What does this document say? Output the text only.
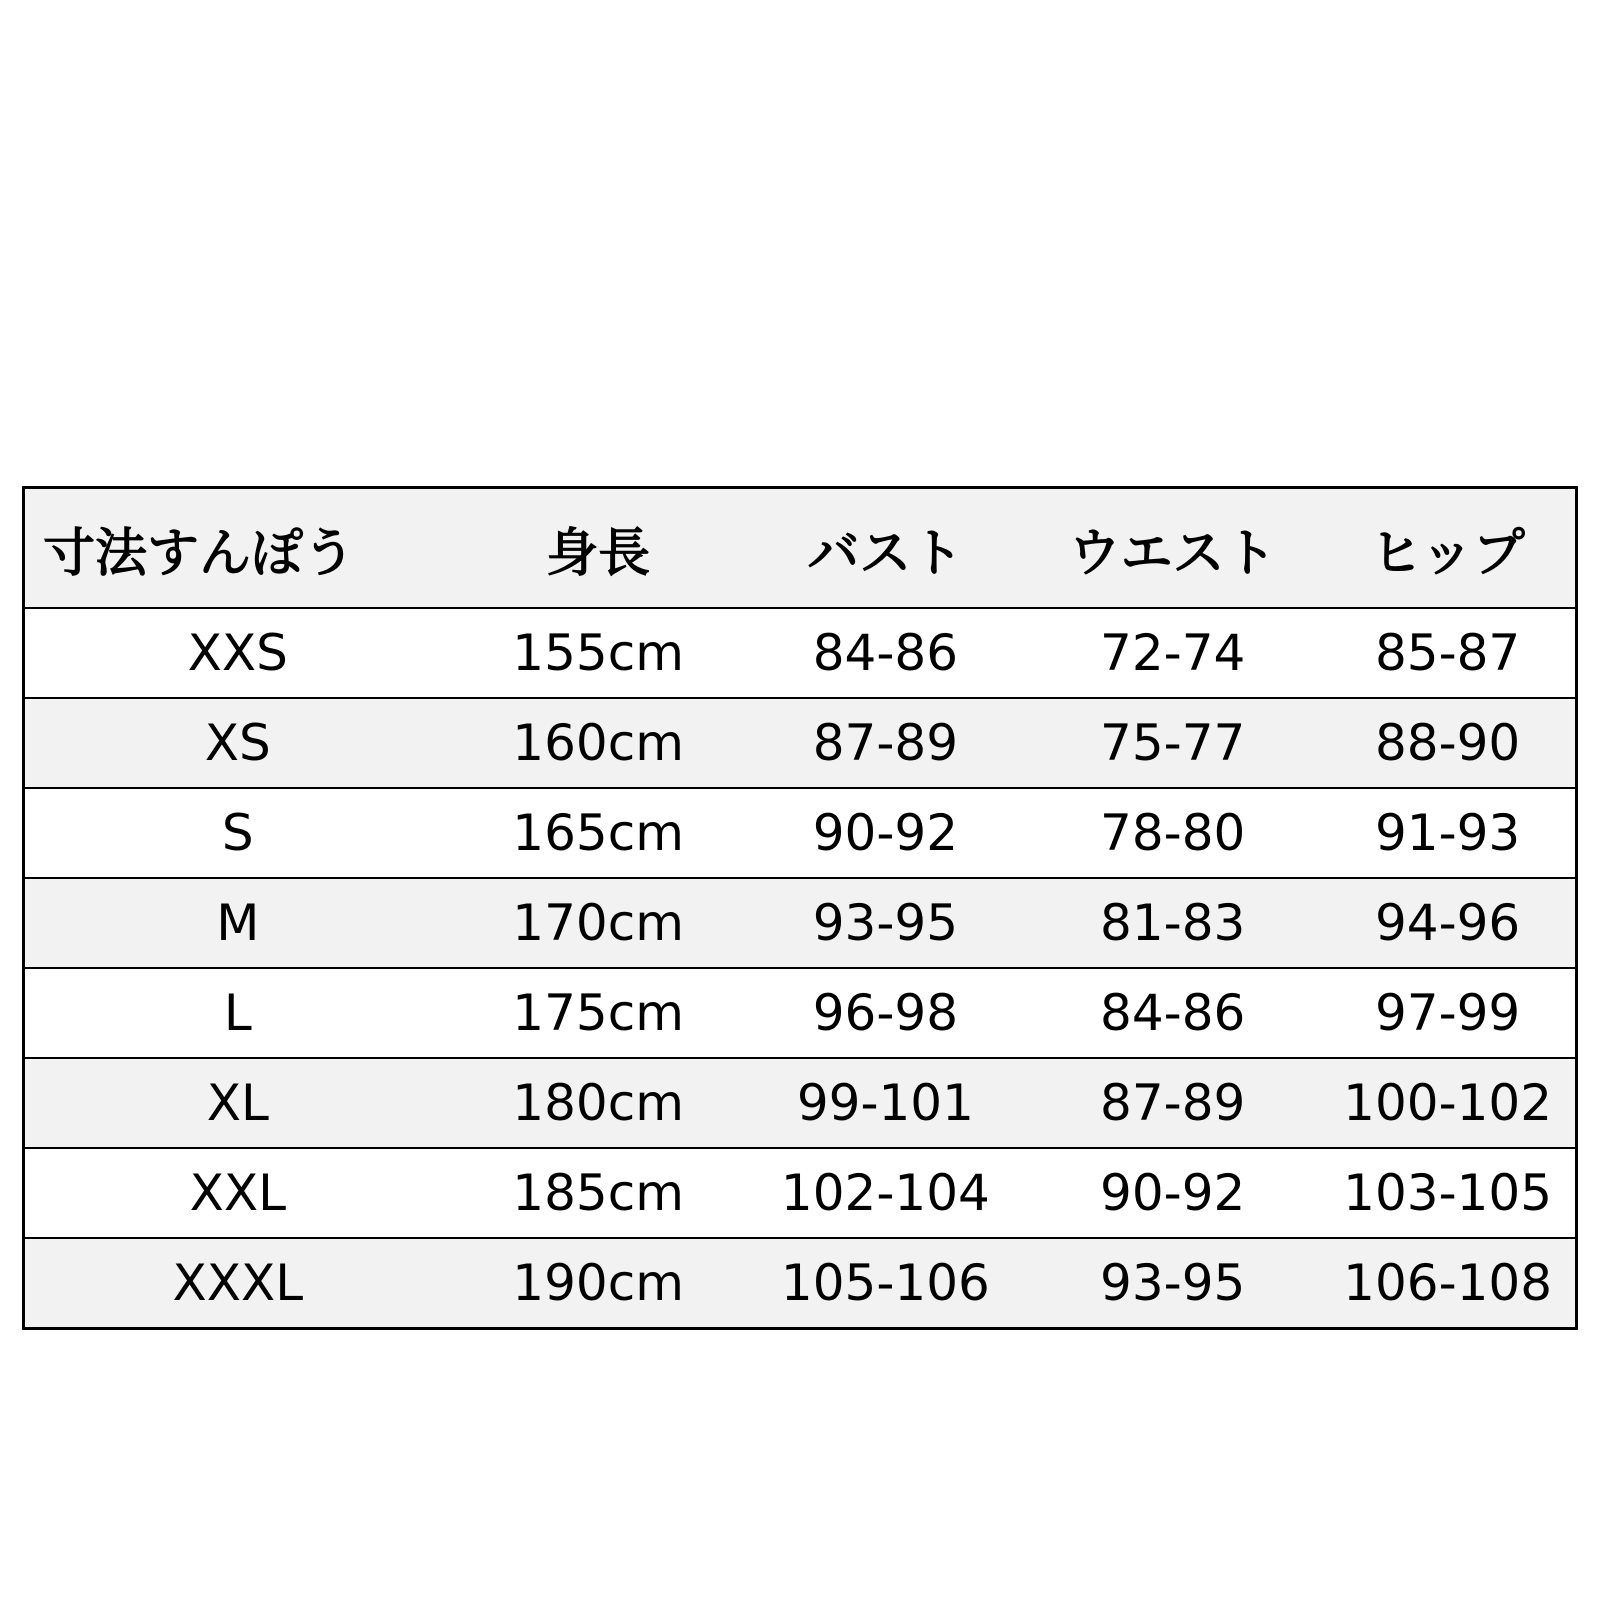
寸法すんぽう	身長	バスト	ウエスト	ヒップ
XXS	155cm	84-86	72-74	85-87
XS	160cm	87-89	75-77	88-90
S	165cm	90-92	78-80	91-93
M	170cm	93-95	81-83	94-96
L	175cm	96-98	84-86	97-99
XL	180cm	99-101	87-89	100-102
XXL	185cm	102-104	90-92	103-105
XXXL	190cm	105-106	93-95	106-108
